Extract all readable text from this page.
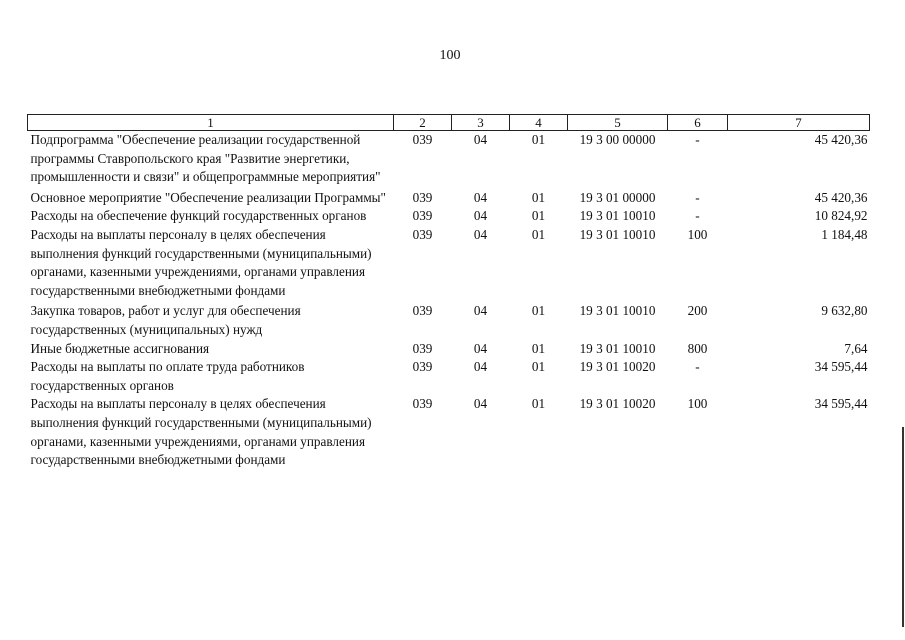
100
1	2	3	4	5	6	7
Подпрограмма "Обеспечение реализации государственной программы Ставропольского края "Развитие энергетики, промышленности и связи" и общепрограммные мероприятия"	039	04	01	19 3 00 00000	-	45 420,36
Основное мероприятие "Обеспечение реализации Программы"	039	04	01	19 3 01 00000	-	45 420,36
Расходы на обеспечение функций государственных органов	039	04	01	19 3 01 10010	-	10 824,92
Расходы на выплаты персоналу в целях обеспечения выполнения функций государственными (муниципальными) органами, казенными учреждениями, органами управления государственными внебюджетными фондами	039	04	01	19 3 01 10010	100	1 184,48
Закупка товаров, работ и услуг для обеспечения государственных (муниципальных) нужд	039	04	01	19 3 01 10010	200	9 632,80
Иные бюджетные ассигнования	039	04	01	19 3 01 10010	800	7,64
Расходы на выплаты по оплате труда работников государственных органов	039	04	01	19 3 01 10020	-	34 595,44
Расходы на выплаты персоналу в целях обеспечения выполнения функций государственными (муниципальными) органами, казенными учреждениями, органами управления государственными внебюджетными фондами	039	04	01	19 3 01 10020	100	34 595,44
